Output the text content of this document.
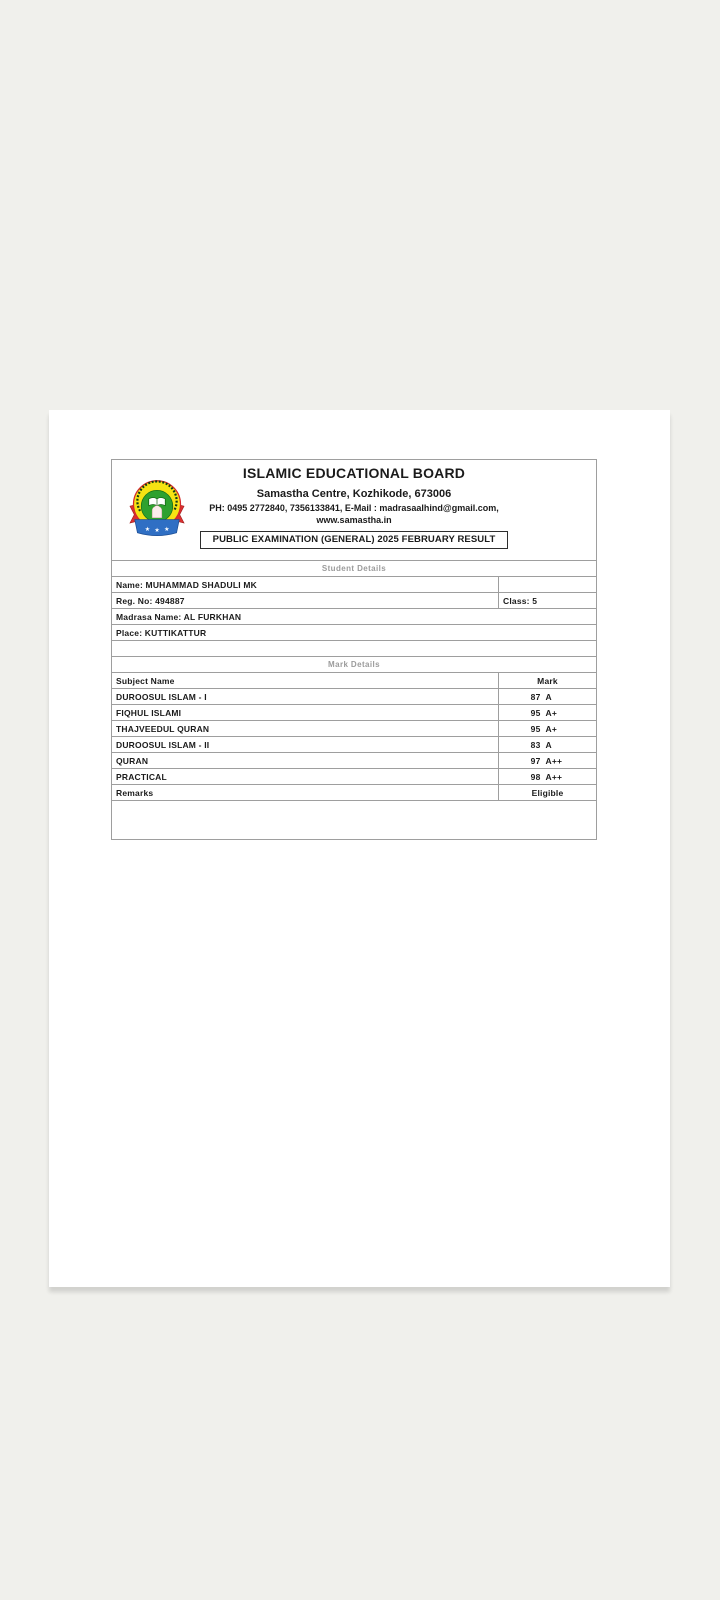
★ ★ ★
ISLAMIC EDUCATIONAL BOARD
Samastha Centre, Kozhikode, 673006
PH: 0495 2772840, 7356133841, E-Mail : madrasaalhind@gmail.com,
www.samastha.in
PUBLIC EXAMINATION (GENERAL) 2025 FEBRUARY RESULT
Student Details
Name: MUHAMMAD SHADULI MK
Reg. No: 494887	Class: 5
Madrasa Name: AL FURKHAN
Place: KUTTIKATTUR
Mark Details
Subject Name	Mark
DUROOSUL ISLAM - I	87 A
FIQHUL ISLAMI	95 A+
THAJVEEDUL QURAN	95 A+
DUROOSUL ISLAM - II	83 A
QURAN	97 A++
PRACTICAL	98 A++
Remarks	Eligible
